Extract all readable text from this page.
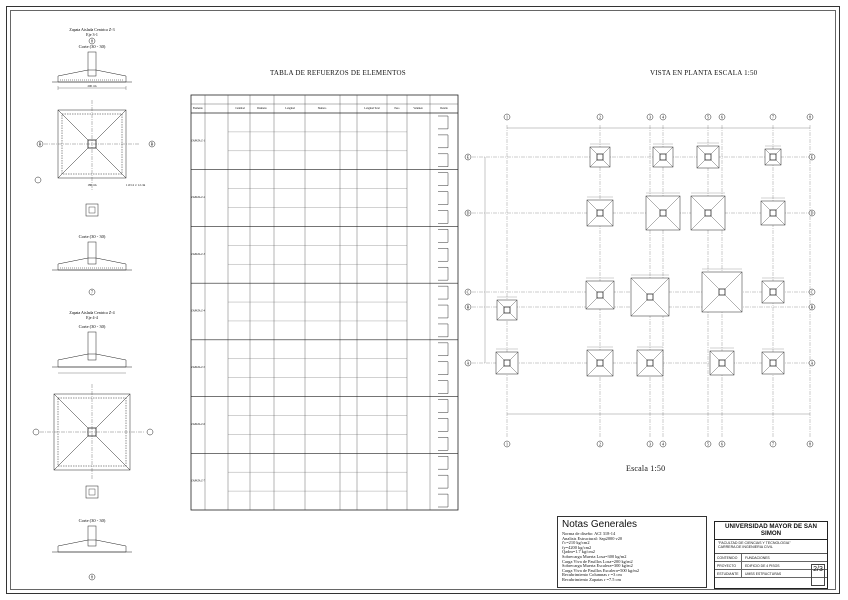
Zapata Aislada Centrica Z-3
Eje 3-1
8
Corte (30 - 30)
200 cm
B	B
180 cm	1 Ø 12 c/ 12 cm
Corte (30 - 30)
7
Zapata Aislada Centrica Z-4
Eje 4-4
Corte (30 - 30)
Corte (30 - 30)
8
TABLA DE REFUERZOS DE ELEMENTOS
Elemento	Cantidad	Diametro	Longitud	Numero	Longitud Total	Peso	Volumen	Detalle
ZAPATA Z-1
ZAPATA Z-2
ZAPATA Z-3
ZAPATA Z-4
ZAPATA Z-5
ZAPATA Z-6
ZAPATA Z-7
VISTA EN PLANTA ESCALA 1:50
1
1
2
2
3
3
4
4
5
5
6
6
7
7
8
8
E	E
D	D
C	C
B	B
A	A
Escala 1:50
Notas Generales
Norma de diseño: ACI 318-14
Analisis Estructural: Sap2000 v20
f'c=210 kg/cm2
fy=4200 kg/cm2
Qadm=1.7 kg/cm2
Sobrecarga Muerta Losa=300 kg/m2
Carga Viva de Pasillos Losa=200 kg/m2
Sobrecarga Muerta Escalera=300 kg/m2
Carga Viva de Pasillos Escalera=500 kg/m2
Recubrimiento Columnas r =3 cm
Recubrimiento Zapatas r =7.5 cm
UNIVERSIDAD MAYOR DE SAN SIMON
"FACULTAD DE CIENCIAS Y TECNOLOGIA"
CARRERA DE INGENIERIA CIVIL
CONTENIDO	FUNDACIONES
PROYECTO	EDIFICIO DE 4 PISOS
ESTUDIANTE	UMSS ESTRUCTURAS
2/3
